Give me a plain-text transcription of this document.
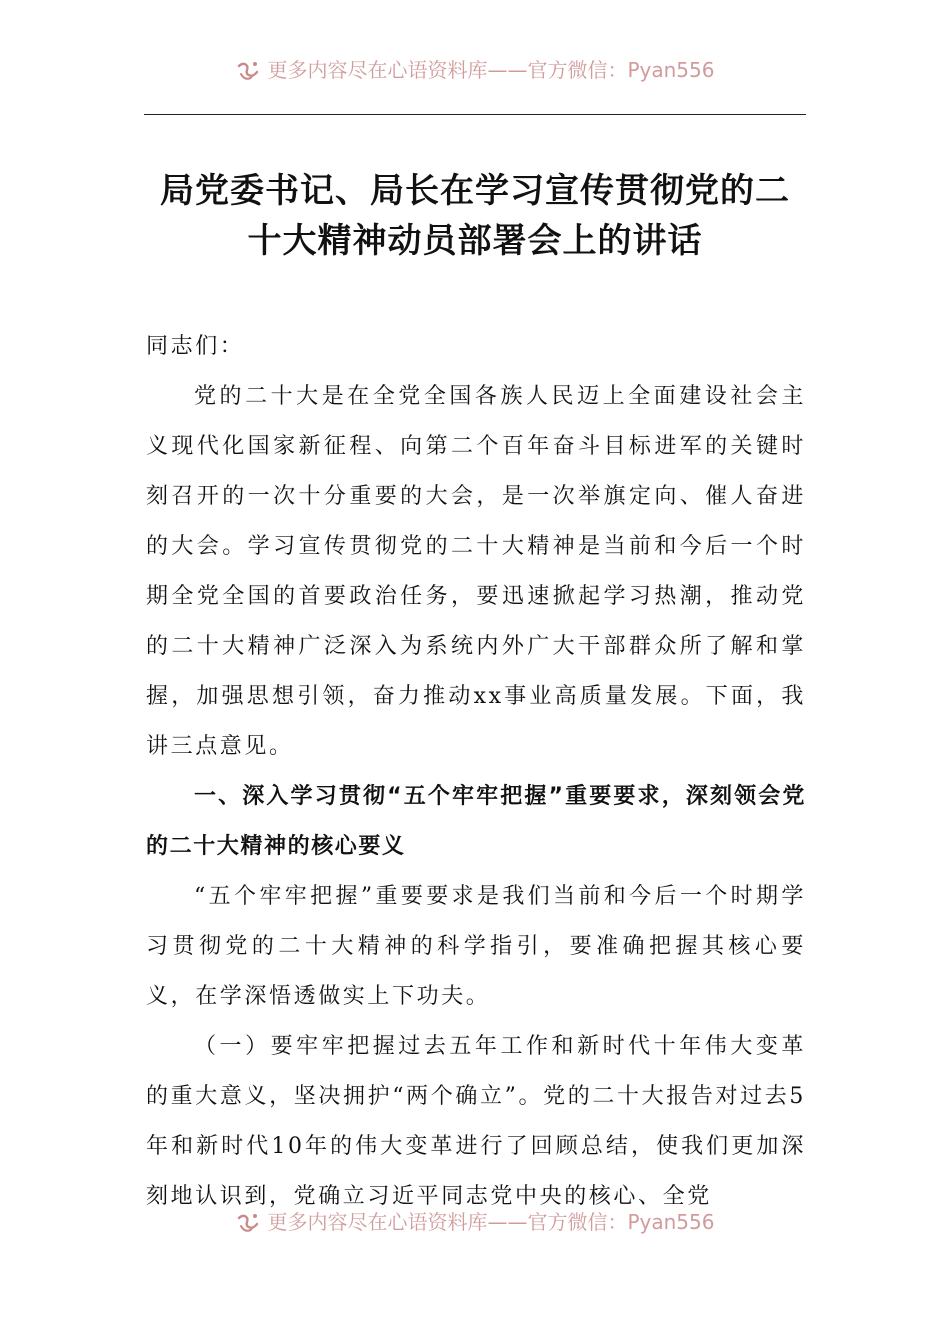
更多内容尽在心语资料库——官方微信：Pyan556
局党委书记、局长在学习宣传贯彻党的二
十大精神动员部署会上的讲话

同志们：

党的二十大是在全党全国各族人民迈上全面建设社会主义现代化国家新征程、向第二个百年奋斗目标进军的关键时刻召开的一次十分重要的大会，是一次举旗定向、催人奋进的大会。学习宣传贯彻党的二十大精神是当前和今后一个时期全党全国的首要政治任务，要迅速掀起学习热潮，推动党的二十大精神广泛深入为系统内外广大干部群众所了解和掌握，加强思想引领，奋力推动xx事业高质量发展。下面，我讲三点意见。

一、深入学习贯彻“五个牢牢把握”重要要求，深刻领会党的二十大精神的核心要义

“五个牢牢把握”重要要求是我们当前和今后一个时期学习贯彻党的二十大精神的科学指引，要准确把握其核心要义，在学深悟透做实上下功夫。

（一）要牢牢把握过去五年工作和新时代十年伟大变革的重大意义，坚决拥护“两个确立”。党的二十大报告对过去5年和新时代10年的伟大变革进行了回顾总结，使我们更加深刻地认识到，党确立习近平同志党中央的核心、全党

更多内容尽在心语资料库——官方微信：Pyan556
